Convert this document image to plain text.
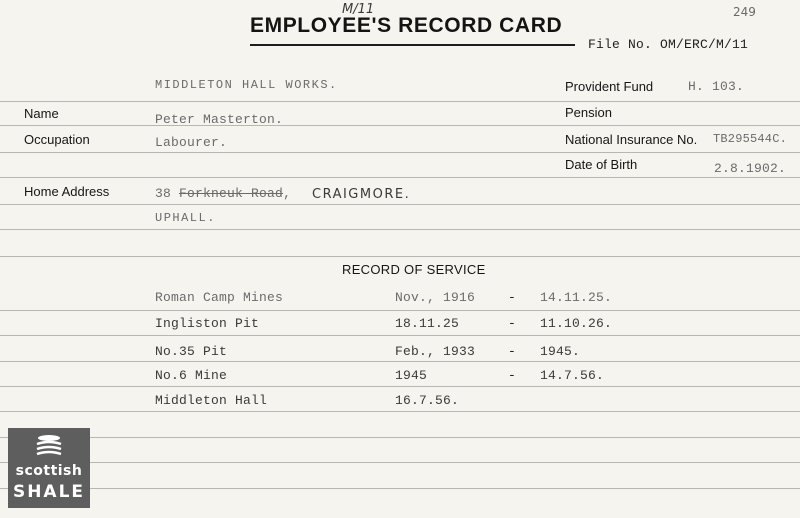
M/11	249
EMPLOYEE'S RECORD CARD
File No. OM/ERC/M/11
MIDDLETON HALL WORKS.	Provident Fund	H. 103.
Name	Peter Masterton.	Pension
Occupation	Labourer.	National Insurance No. TB295544C.
Date of Birth	2.8.1902.
Home Address	38 Forkneuk Road, CRAIGMORE.
UPHALL.
RECORD OF SERVICE
Roman Camp Mines	Nov., 1916	- 14.11.25.
Ingliston Pit	18.11.25	- 11.10.26.
No.35 Pit	Feb., 1933	- 1945.
No.6 Mine	1945	- 14.7.56.
Middleton Hall	16.7.56.
scottish
SHALE
